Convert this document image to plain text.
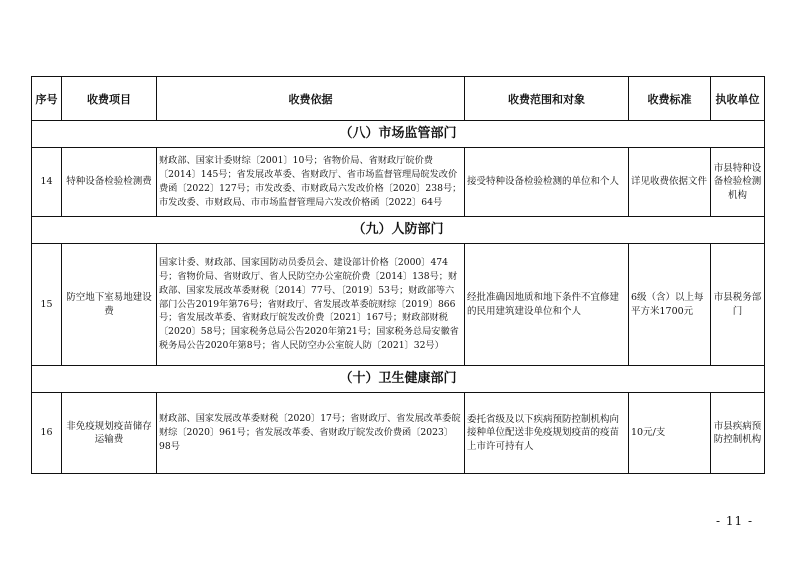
序号	收费项目	收费依据	收费范围和对象	收费标准	执收单位
（八）市场监管部门					
14	特种设备检验检测费	财政部、国家计委财综〔2001〕10号；省物价局、省财政厅皖价费〔2014〕145号；省发展改革委、省财政厅、省市场监督管理局皖发改价费函〔2022〕127号；市发改委、市财政局六发改价格〔2020〕238号；市发改委、市财政局、市市场监督管理局六发改价格函〔2022〕64号	接受特种设备检验检测的单位和个人	详见收费依据文件	市县特种设备检验检测机构
（九）人防部门					
15	防空地下室易地建设费	国家计委、财政部、国家国防动员委员会、建设部计价格〔2000〕474号；省物价局、省财政厅、省人民防空办公室皖价费〔2014〕138号；财政部、国家发展改革委财税〔2014〕77号、〔2019〕53号；财政部等六部门公告2019年第76号；省财政厅、省发展改革委皖财综〔2019〕866号；省发展改革委、省财政厅皖发改价费〔2021〕167号；财政部财税〔2020〕58号；国家税务总局公告2020年第21号；国家税务总局安徽省税务局公告2020年第8号；省人民防空办公室皖人防〔2021〕32号）	经批准确因地质和地下条件不宜修建的民用建筑建设单位和个人	6级（含）以上每平方米1700元	市县税务部门
（十）卫生健康部门					
16	非免疫规划疫苗储存运输费	财政部、国家发展改革委财税〔2020〕17号；省财政厅、省发展改革委皖财综〔2020〕961号；省发展改革委、省财政厅皖发改价费函〔2023〕98号	委托省级及以下疾病预防控制机构向接种单位配送非免疫规划疫苗的疫苗上市许可持有人	10元/支	市县疾病预防控制机构
- 11 -
